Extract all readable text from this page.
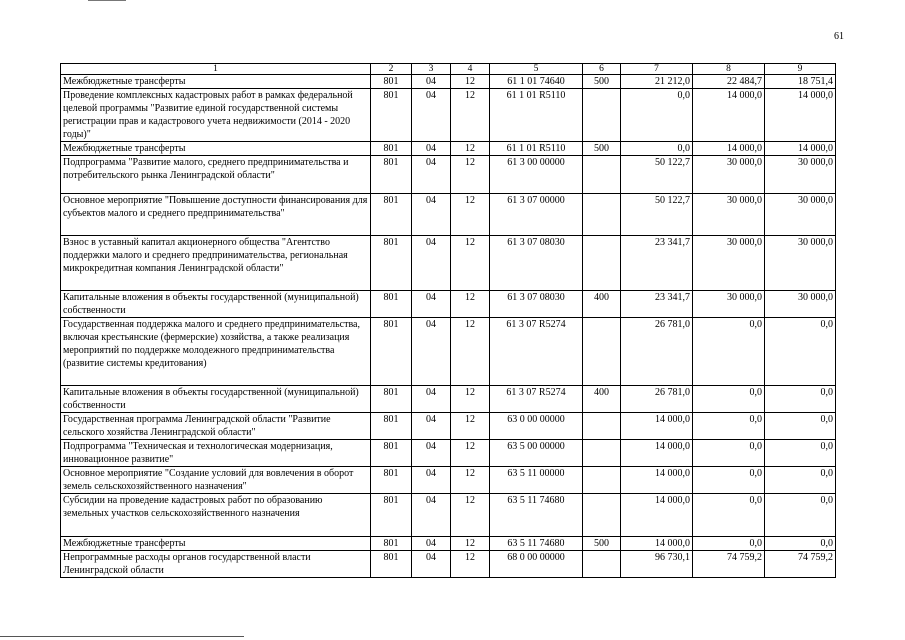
61
1	2	3	4	5	6	7	8	9
Межбюджетные трансферты	801	04	12	61 1 01 74640	500	21 212,0	22 484,7	18 751,4
Проведение комплексных кадастровых работ в рамках федеральной целевой программы "Развитие единой государственной системы регистрации прав и кадастрового учета недвижимости (2014 - 2020 годы)"	801	04	12	61 1 01 R5110		0,0	14 000,0	14 000,0
Межбюджетные трансферты	801	04	12	61 1 01 R5110	500	0,0	14 000,0	14 000,0
Подпрограмма "Развитие малого, среднего предпринимательства и потребительского рынка Ленинградской области"	801	04	12	61 3 00 00000		50 122,7	30 000,0	30 000,0
Основное мероприятие "Повышение доступности финансирования для субъектов малого и среднего предпринимательства"	801	04	12	61 3 07 00000		50 122,7	30 000,0	30 000,0
Взнос в уставный капитал акционерного общества "Агентство поддержки малого и среднего предпринимательства, региональная микрокредитная компания Ленинградской области"	801	04	12	61 3 07 08030		23 341,7	30 000,0	30 000,0
Капитальные вложения в объекты государственной (муниципальной) собственности	801	04	12	61 3 07 08030	400	23 341,7	30 000,0	30 000,0
Государственная поддержка малого и среднего предпринимательства, включая крестьянские (фермерские) хозяйства, а также реализация мероприятий по поддержке молодежного предпринимательства (развитие системы кредитования)	801	04	12	61 3 07 R5274		26 781,0	0,0	0,0
Капитальные вложения в объекты государственной (муниципальной) собственности	801	04	12	61 3 07 R5274	400	26 781,0	0,0	0,0
Государственная программа Ленинградской области "Развитие сельского хозяйства Ленинградской области"	801	04	12	63 0 00 00000		14 000,0	0,0	0,0
Подпрограмма "Техническая и технологическая модернизация, инновационное развитие"	801	04	12	63 5 00 00000		14 000,0	0,0	0,0
Основное мероприятие "Создание условий для вовлечения в оборот земель сельскохозяйственного назначения"	801	04	12	63 5 11 00000		14 000,0	0,0	0,0
Субсидии на проведение кадастровых работ по образованию земельных участков сельскохозяйственного назначения	801	04	12	63 5 11 74680		14 000,0	0,0	0,0
Межбюджетные трансферты	801	04	12	63 5 11 74680	500	14 000,0	0,0	0,0
Непрограммные расходы органов государственной власти Ленинградской области	801	04	12	68 0 00 00000		96 730,1	74 759,2	74 759,2
